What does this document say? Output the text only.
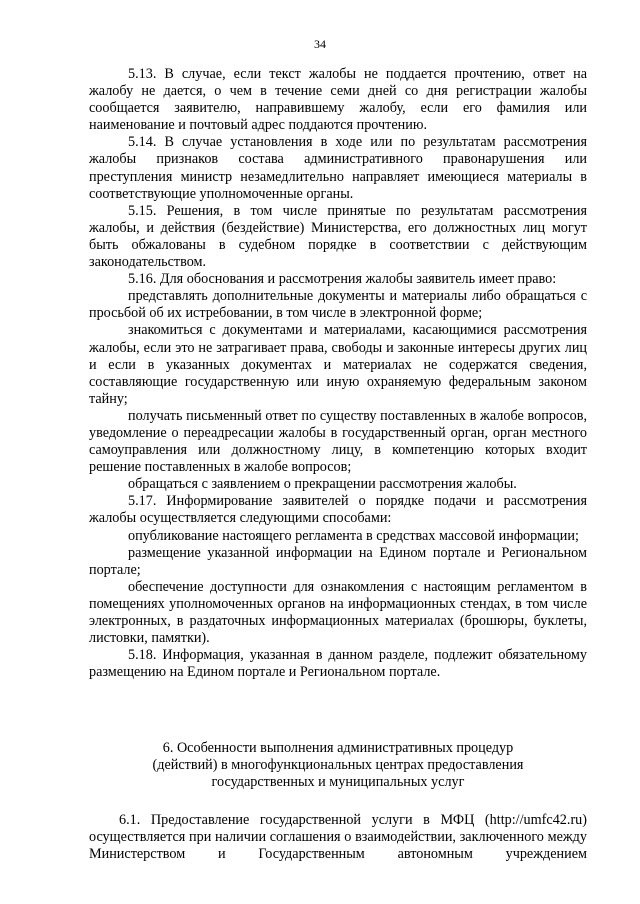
34

5.13. В случае, если текст жалобы не поддается прочтению, ответ на жалобу не дается, о чем в течение семи дней со дня регистрации жалобы сообщается заявителю, направившему жалобу, если его фамилия или наименование и почтовый адрес поддаются прочтению.

5.14. В случае установления в ходе или по результатам рассмотрения жалобы признаков состава административного правонарушения или преступления министр незамедлительно направляет имеющиеся материалы в соответствующие уполномоченные органы.

5.15. Решения, в том числе принятые по результатам рассмотрения жалобы, и действия (бездействие) Министерства, его должностных лиц могут быть обжалованы в судебном порядке в соответствии с действующим законодательством.

5.16. Для обоснования и рассмотрения жалобы заявитель имеет право:

представлять дополнительные документы и материалы либо обращаться с просьбой об их истребовании, в том числе в электронной форме;

знакомиться с документами и материалами, касающимися рассмотрения жалобы, если это не затрагивает права, свободы и законные интересы других лиц и если в указанных документах и материалах не содержатся сведения, составляющие государственную или иную охраняемую федеральным законом тайну;

получать письменный ответ по существу поставленных в жалобе вопросов, уведомление о переадресации жалобы в государственный орган, орган местного самоуправления или должностному лицу, в компетенцию которых входит решение поставленных в жалобе вопросов;

обращаться с заявлением о прекращении рассмотрения жалобы.

5.17. Информирование заявителей о порядке подачи и рассмотрения жалобы осуществляется следующими способами:

опубликование настоящего регламента в средствах массовой информации;

размещение указанной информации на Едином портале и Региональном портале;

обеспечение доступности для ознакомления с настоящим регламентом в помещениях уполномоченных органов на информационных стендах, в том числе электронных, в раздаточных информационных материалах (брошюры, буклеты, листовки, памятки).

5.18. Информация, указанная в данном разделе, подлежит обязательному размещению на Едином портале и Региональном портале.

6. Особенности выполнения административных процедур
(действий) в многофункциональных центрах предоставления
государственных и муниципальных услуг

6.1. Предоставление государственной услуги в МФЦ (http://umfc42.ru) осуществляется при наличии соглашения о взаимодействии, заключенного между Министерством и Государственным автономным учреждением
